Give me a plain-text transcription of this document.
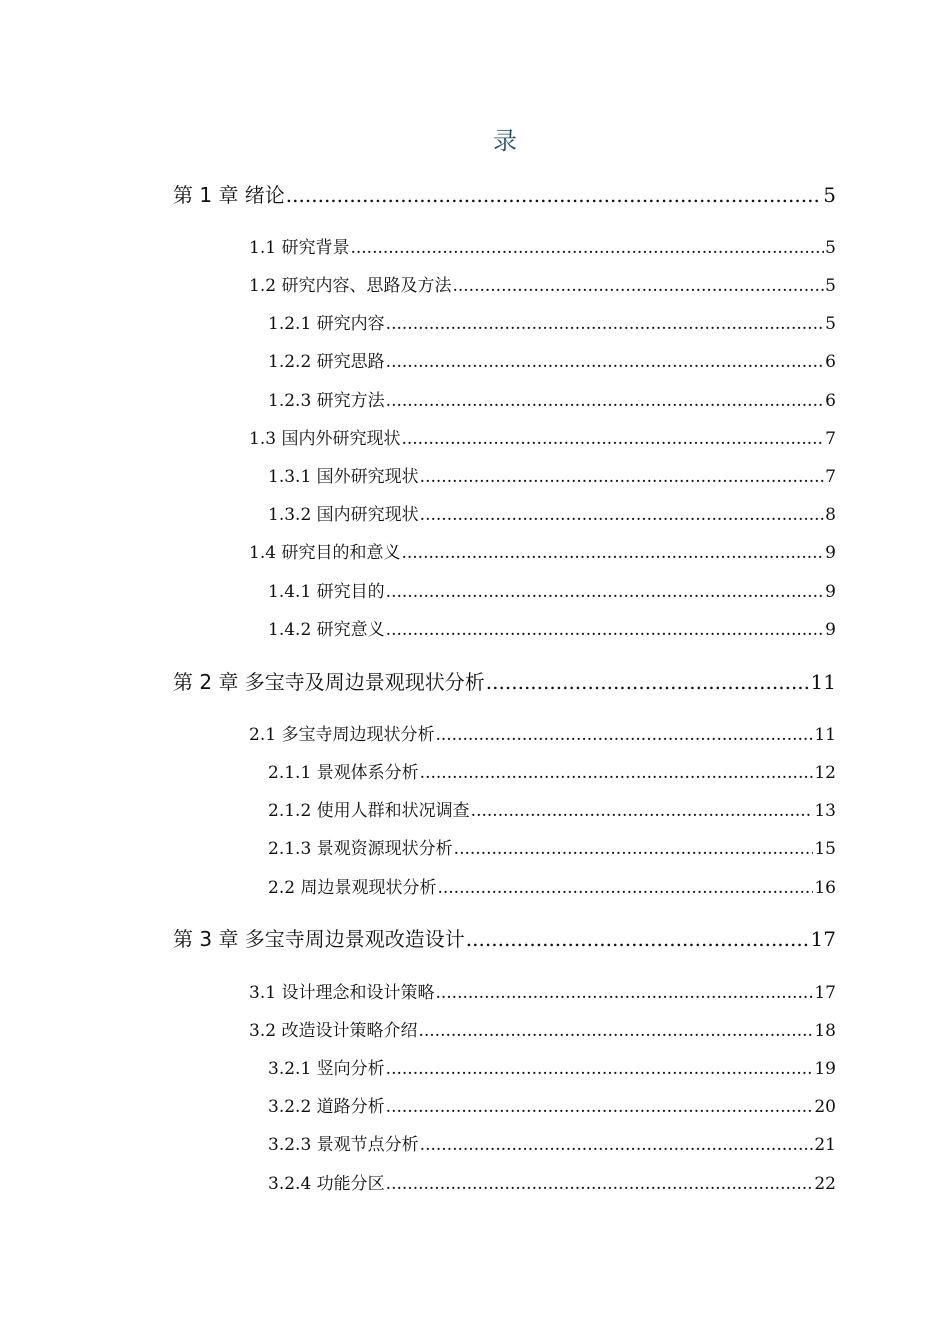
录
第 1 章 绪论 .....	5
1.1 研究背景 .....	5
1.2 研究内容、思路及方法 .....	5
1.2.1 研究内容 .....	5
1.2.2 研究思路 .....	6
1.2.3 研究方法 .....	6
1.3 国内外研究现状 .....	7
1.3.1 国外研究现状 .....	7
1.3.2 国内研究现状 .....	8
1.4 研究目的和意义 .....	9
1.4.1 研究目的 .....	9
1.4.2 研究意义 .....	9
第 2 章 多宝寺及周边景观现状分析 .....	11
2.1 多宝寺周边现状分析 .....	11
2.1.1 景观体系分析 .....	12
2.1.2 使用人群和状况调查 .....	13
2.1.3 景观资源现状分析 .....	15
2.2 周边景观现状分析 .....	16
第 3 章 多宝寺周边景观改造设计 .....	17
3.1 设计理念和设计策略 .....	17
3.2 改造设计策略介绍 .....	18
3.2.1 竖向分析 .....	19
3.2.2 道路分析 .....	20
3.2.3 景观节点分析 .....	21
3.2.4 功能分区 .....	22
